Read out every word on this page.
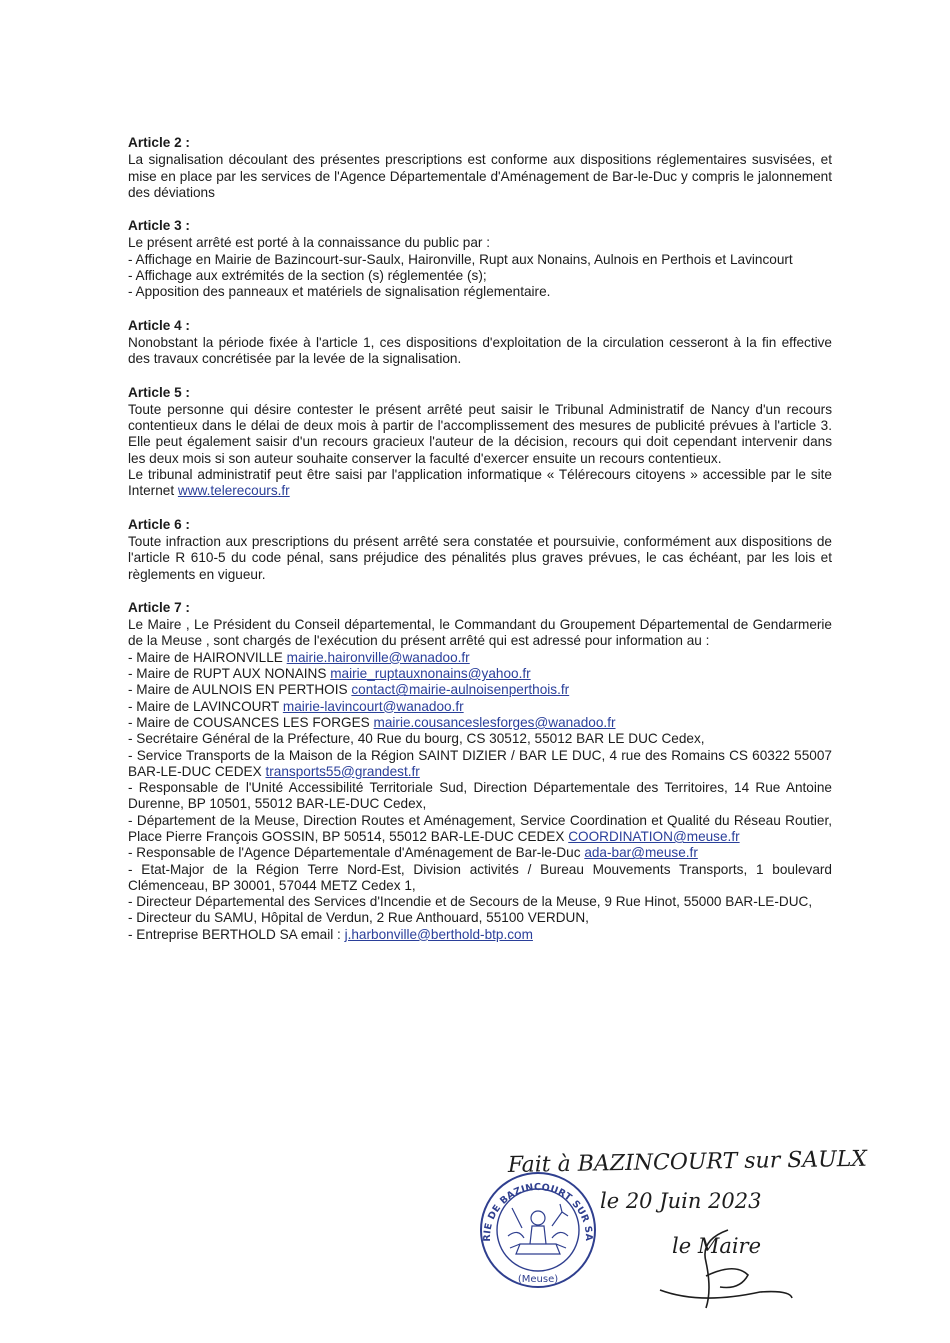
Article 2 :
La signalisation découlant des présentes prescriptions est conforme aux dispositions réglementaires susvisées, et mise en place par les services de l'Agence Départementale d'Aménagement de Bar-le-Duc y compris le jalonnement des déviations
Article 3 :
Le présent arrêté est porté à la connaissance du public par :
- Affichage en Mairie de Bazincourt-sur-Saulx, Haironville, Rupt aux Nonains, Aulnois en Perthois et Lavincourt
- Affichage aux extrémités de la section (s) réglementée (s);
- Apposition des panneaux et matériels de signalisation réglementaire.
Article 4 :
Nonobstant la période fixée à l'article 1, ces dispositions d'exploitation de la circulation cesseront à la fin effective des travaux concrétisée par la levée de la signalisation.
Article 5 :
Toute personne qui désire contester le présent arrêté peut saisir le Tribunal Administratif de Nancy d'un recours contentieux dans le délai de deux mois à partir de l'accomplissement des mesures de publicité prévues à l'article 3. Elle peut également saisir d'un recours gracieux l'auteur de la décision, recours qui doit cependant intervenir dans les deux mois si son auteur souhaite conserver la faculté d'exercer ensuite un recours contentieux.
Le tribunal administratif peut être saisi par l'application informatique « Télérecours citoyens » accessible par le site Internet www.telerecours.fr
Article 6 :
Toute infraction aux prescriptions du présent arrêté sera constatée et poursuivie, conformément aux dispositions de l'article R 610-5 du code pénal, sans préjudice des pénalités plus graves prévues, le cas échéant, par les lois et règlements en vigueur.
Article 7 :
Le Maire , Le Président du Conseil départemental, le Commandant du Groupement Départemental de Gendarmerie de la Meuse , sont chargés de l'exécution du présent arrêté qui est adressé pour information au :
- Maire de HAIRONVILLE mairie.haironville@wanadoo.fr
- Maire de RUPT AUX NONAINS mairie_ruptauxnonains@yahoo.fr
- Maire de AULNOIS EN PERTHOIS contact@mairie-aulnoisenperthois.fr
- Maire de LAVINCOURT mairie-lavincourt@wanadoo.fr
- Maire de COUSANCES LES FORGES mairie.cousanceslesforges@wanadoo.fr
- Secrétaire Général de la Préfecture, 40 Rue du bourg, CS 30512, 55012 BAR LE DUC Cedex,
- Service Transports de la Maison de la Région SAINT DIZIER / BAR LE DUC, 4 rue des Romains CS 60322 55007 BAR-LE-DUC CEDEX transports55@grandest.fr
- Responsable de l'Unité Accessibilité Territoriale Sud, Direction Départementale des Territoires, 14 Rue Antoine Durenne, BP 10501, 55012 BAR-LE-DUC Cedex,
- Département de la Meuse, Direction Routes et Aménagement, Service Coordination et Qualité du Réseau Routier, Place Pierre François GOSSIN, BP 50514, 55012 BAR-LE-DUC CEDEX COORDINATION@meuse.fr
- Responsable de l'Agence Départementale d'Aménagement de Bar-le-Duc ada-bar@meuse.fr
- Etat-Major de la Région Terre Nord-Est, Division activités / Bureau Mouvements Transports, 1 boulevard Clémenceau, BP 30001, 57044 METZ Cedex 1,
- Directeur Départemental des Services d'Incendie et de Secours de la Meuse, 9 Rue Hinot, 55000 BAR-LE-DUC,
- Directeur du SAMU, Hôpital de Verdun, 2 Rue Anthouard, 55100 VERDUN,
- Entreprise BERTHOLD SA email : j.harbonville@berthold-btp.com
MAIRIE DE BAZINCOURT SUR SAULX
(Meuse)
Fait à BAZINCOURT sur SAULX
le 20 Juin 2023
le Maire
